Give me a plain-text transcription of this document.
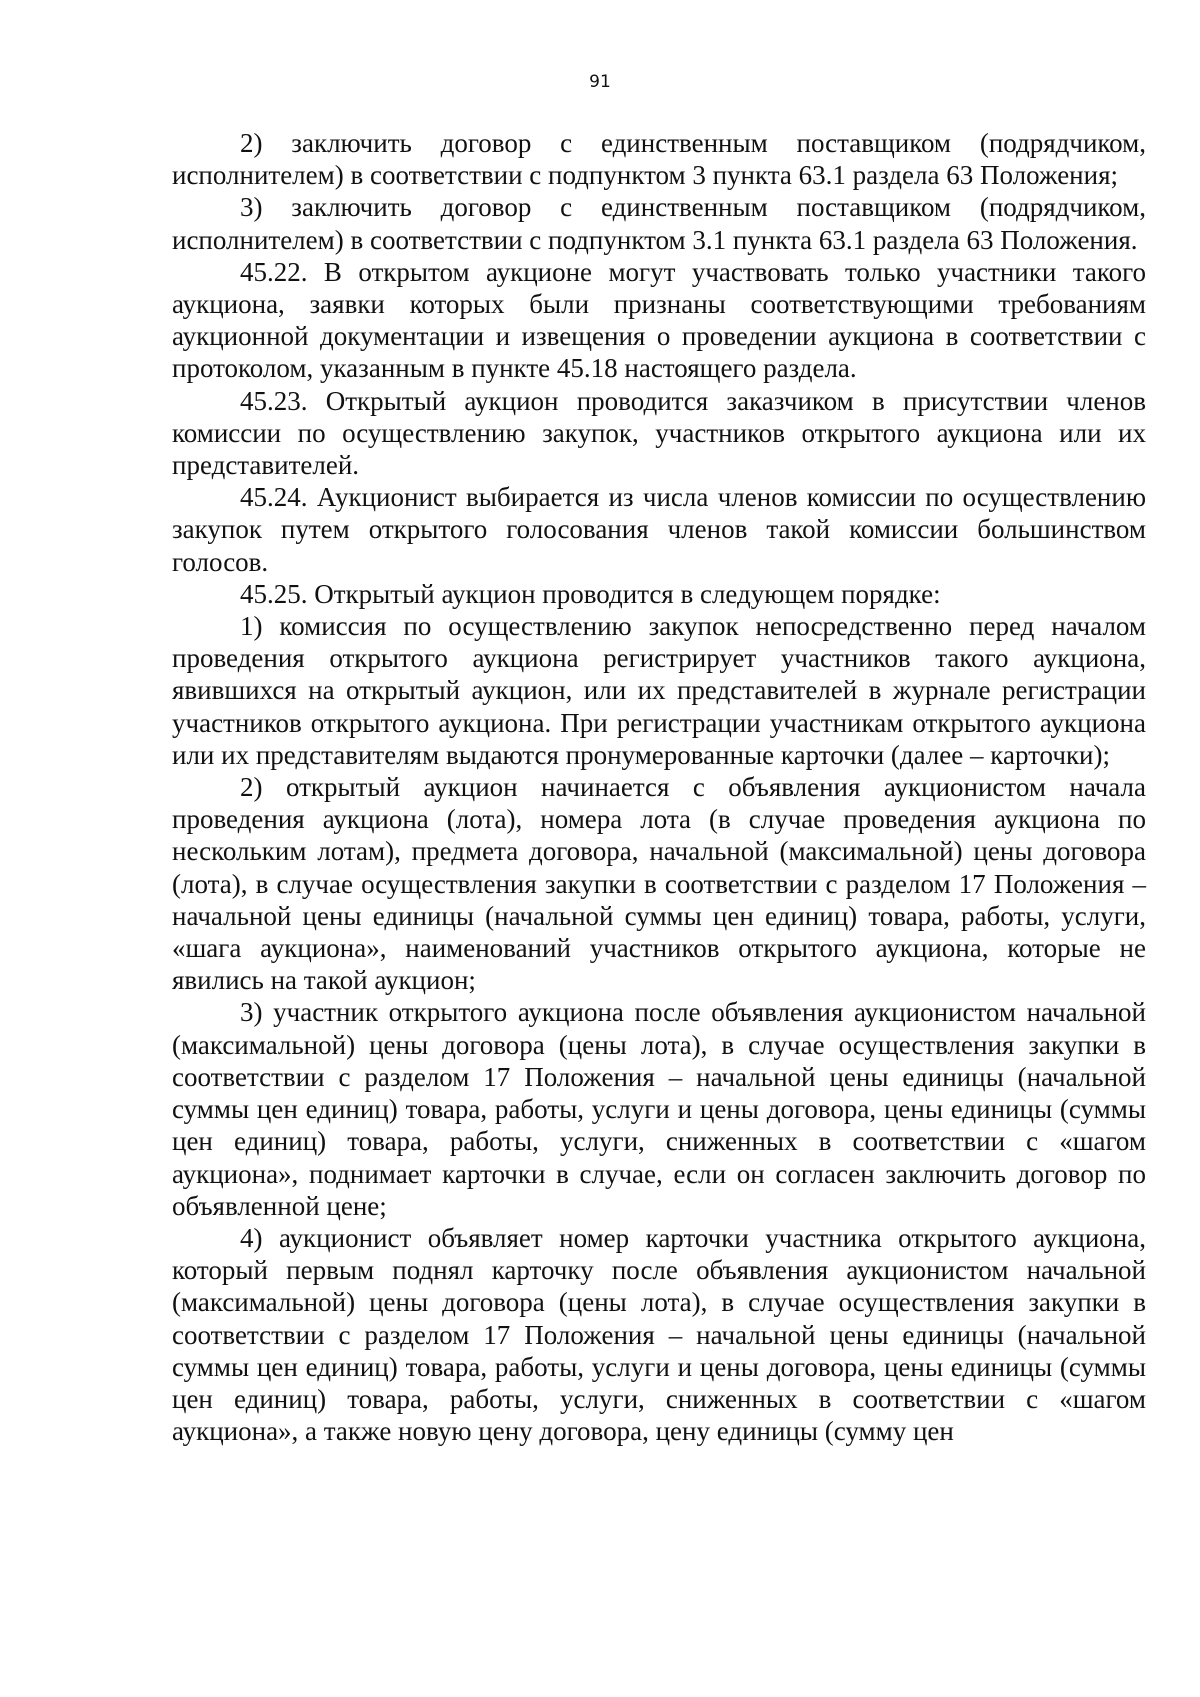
91

2) заключить договор с единственным поставщиком (подрядчиком, исполнителем) в соответствии с подпунктом 3 пункта 63.1 раздела 63 Положения;

3) заключить договор с единственным поставщиком (подрядчиком, исполнителем) в соответствии с подпунктом 3.1 пункта 63.1 раздела 63 Положения.

45.22. В открытом аукционе могут участвовать только участники такого аукциона, заявки которых были признаны соответствующими требованиям аукционной документации и извещения о проведении аукциона в соответствии с протоколом, указанным в пункте 45.18 настоящего раздела.

45.23. Открытый аукцион проводится заказчиком в присутствии членов комиссии по осуществлению закупок, участников открытого аукциона или их представителей.

45.24. Аукционист выбирается из числа членов комиссии по осуществлению закупок путем открытого голосования членов такой комиссии большинством голосов.

45.25. Открытый аукцион проводится в следующем порядке:

1) комиссия по осуществлению закупок непосредственно перед началом проведения открытого аукциона регистрирует участников такого аукциона, явившихся на открытый аукцион, или их представителей в журнале регистрации участников открытого аукциона. При регистрации участникам открытого аукциона или их представителям выдаются пронумерованные карточки (далее – карточки);

2) открытый аукцион начинается с объявления аукционистом начала проведения аукциона (лота), номера лота (в случае проведения аукциона по нескольким лотам), предмета договора, начальной (максимальной) цены договора (лота), в случае осуществления закупки в соответствии с разделом 17 Положения – начальной цены единицы (начальной суммы цен единиц) товара, работы, услуги, «шага аукциона», наименований участников открытого аукциона, которые не явились на такой аукцион;

3) участник открытого аукциона после объявления аукционистом начальной (максимальной) цены договора (цены лота), в случае осуществления закупки в соответствии с разделом 17 Положения – начальной цены единицы (начальной суммы цен единиц) товара, работы, услуги и цены договора, цены единицы (суммы цен единиц) товара, работы, услуги, сниженных в соответствии с «шагом аукциона», поднимает карточки в случае, если он согласен заключить договор по объявленной цене;

4) аукционист объявляет номер карточки участника открытого аукциона, который первым поднял карточку после объявления аукционистом начальной (максимальной) цены договора (цены лота), в случае осуществления закупки в соответствии с разделом 17 Положения – начальной цены единицы (начальной суммы цен единиц) товара, работы, услуги и цены договора, цены единицы (суммы цен единиц) товара, работы, услуги, сниженных в соответствии с «шагом аукциона», а также новую цену договора, цену единицы (сумму цен
